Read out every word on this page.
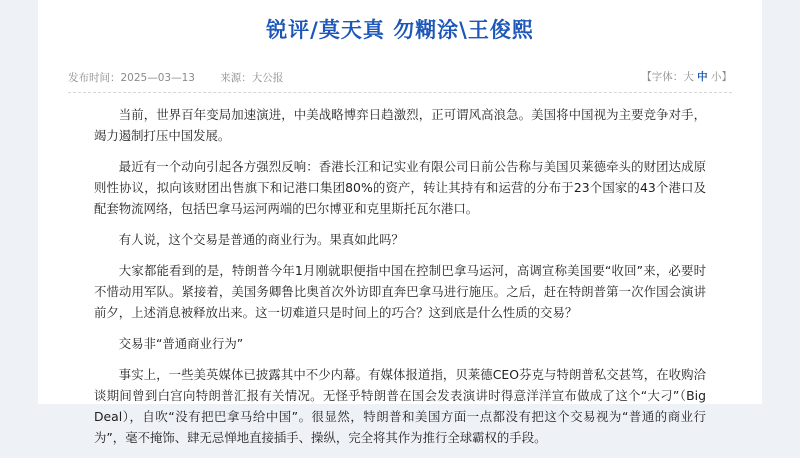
锐评/莫天真 勿糊涂\王俊熙
发布时间：2025—03—13 来源：大公报	【字体：大 中 小】

当前，世界百年变局加速演进，中美战略博弈日趋激烈，正可谓风高浪急。美国将中国视为主要竞争对手，竭力遏制打压中国发展。

最近有一个动向引起各方强烈反响：香港长江和记实业有限公司日前公告称与美国贝莱德牵头的财团达成原则性协议，拟向该财团出售旗下和记港口集团80%的资产，转让其持有和运营的分布于23个国家的43个港口及配套物流网络，包括巴拿马运河两端的巴尔博亚和克里斯托瓦尔港口。

有人说，这个交易是普通的商业行为。果真如此吗？

大家都能看到的是，特朗普今年1月刚就职便指中国在控制巴拿马运河，高调宣称美国要“收回”来，必要时不惜动用军队。紧接着，美国务卿鲁比奥首次外访即直奔巴拿马进行施压。之后，赶在特朗普第一次作国会演讲前夕，上述消息被释放出来。这一切难道只是时间上的巧合？这到底是什么性质的交易？

交易非“普通商业行为”

事实上，一些美英媒体已披露其中不少内幕。有媒体报道指，贝莱德CEO芬克与特朗普私交甚笃，在收购洽谈期间曾到白宫向特朗普汇报有关情况。无怪乎特朗普在国会发表演讲时得意洋洋宣布做成了这个“大刁”（Big Deal），自吹“没有把巴拿马给中国”。很显然，特朗普和美国方面一点都没有把这个交易视为“普通的商业行为”，毫不掩饰、肆无忌惮地直接插手、操纵，完全将其作为推行全球霸权的手段。
